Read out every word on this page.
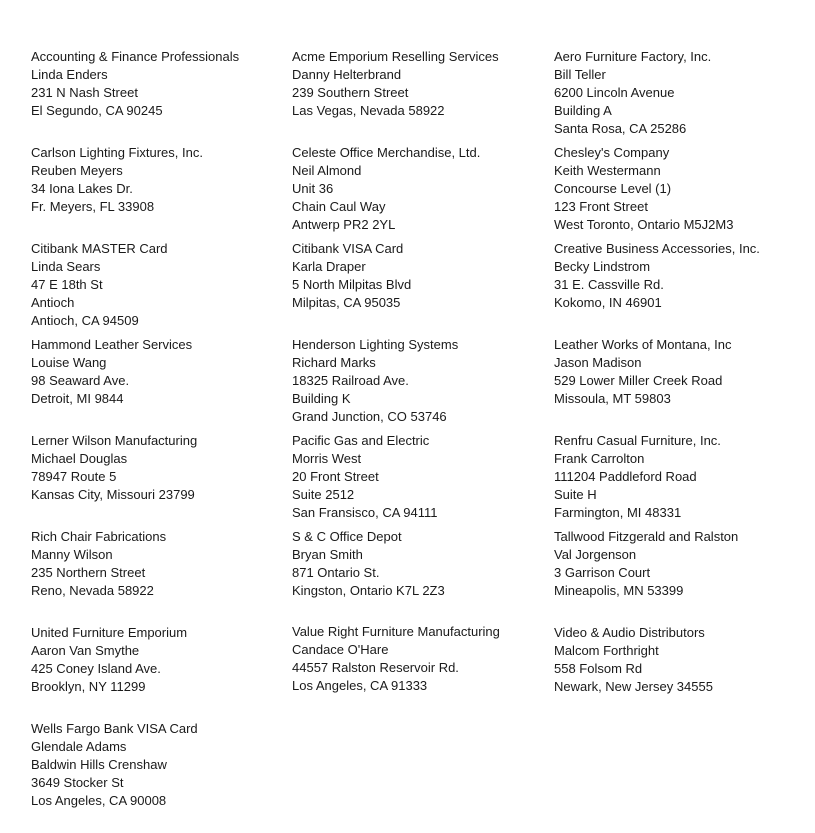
Accounting & Finance Professionals
Linda Enders
231 N Nash Street
El Segundo, CA 90245
Acme Emporium Reselling Services
Danny Helterbrand
239 Southern Street
Las Vegas, Nevada 58922
Aero Furniture Factory, Inc.
Bill Teller
6200 Lincoln Avenue
Building A
Santa Rosa, CA 25286
Carlson Lighting Fixtures, Inc.
Reuben Meyers
34 Iona Lakes Dr.
Fr. Meyers, FL 33908
Celeste Office Merchandise, Ltd.
Neil Almond
Unit 36
Chain Caul Way
Antwerp PR2 2YL
Chesley's Company
Keith Westermann
Concourse Level (1)
123 Front Street
West Toronto, Ontario M5J2M3
Citibank MASTER Card
Linda Sears
47 E 18th St
Antioch
Antioch, CA 94509
Citibank VISA Card
Karla Draper
5 North Milpitas Blvd
Milpitas, CA 95035
Creative Business Accessories, Inc.
Becky Lindstrom
31 E. Cassville Rd.
Kokomo, IN 46901
Hammond Leather Services
Louise Wang
98 Seaward Ave.
Detroit, MI 9844
Henderson Lighting Systems
Richard Marks
18325 Railroad Ave.
Building K
Grand Junction, CO 53746
Leather Works of Montana, Inc
Jason Madison
529 Lower Miller Creek Road
Missoula, MT 59803
Lerner Wilson Manufacturing
Michael Douglas
78947 Route 5
Kansas City, Missouri 23799
Pacific Gas and Electric
Morris West
20 Front Street
Suite 2512
San Fransisco, CA 94111
Renfru Casual Furniture, Inc.
Frank Carrolton
111204 Paddleford Road
Suite H
Farmington, MI 48331
Rich Chair Fabrications
Manny Wilson
235 Northern Street
Reno, Nevada 58922
S & C Office Depot
Bryan Smith
871 Ontario St.
Kingston, Ontario K7L 2Z3
Tallwood Fitzgerald and Ralston
Val Jorgenson
3 Garrison Court
Mineapolis, MN 53399
United Furniture Emporium
Aaron Van Smythe
425 Coney Island Ave.
Brooklyn, NY 11299
Value Right Furniture Manufacturing
Candace O'Hare
44557 Ralston Reservoir Rd.
Los Angeles, CA 91333
Video & Audio Distributors
Malcom Forthright
558 Folsom Rd
Newark, New Jersey 34555
Wells Fargo Bank VISA Card
Glendale Adams
Baldwin Hills Crenshaw
3649 Stocker St
Los Angeles, CA 90008
